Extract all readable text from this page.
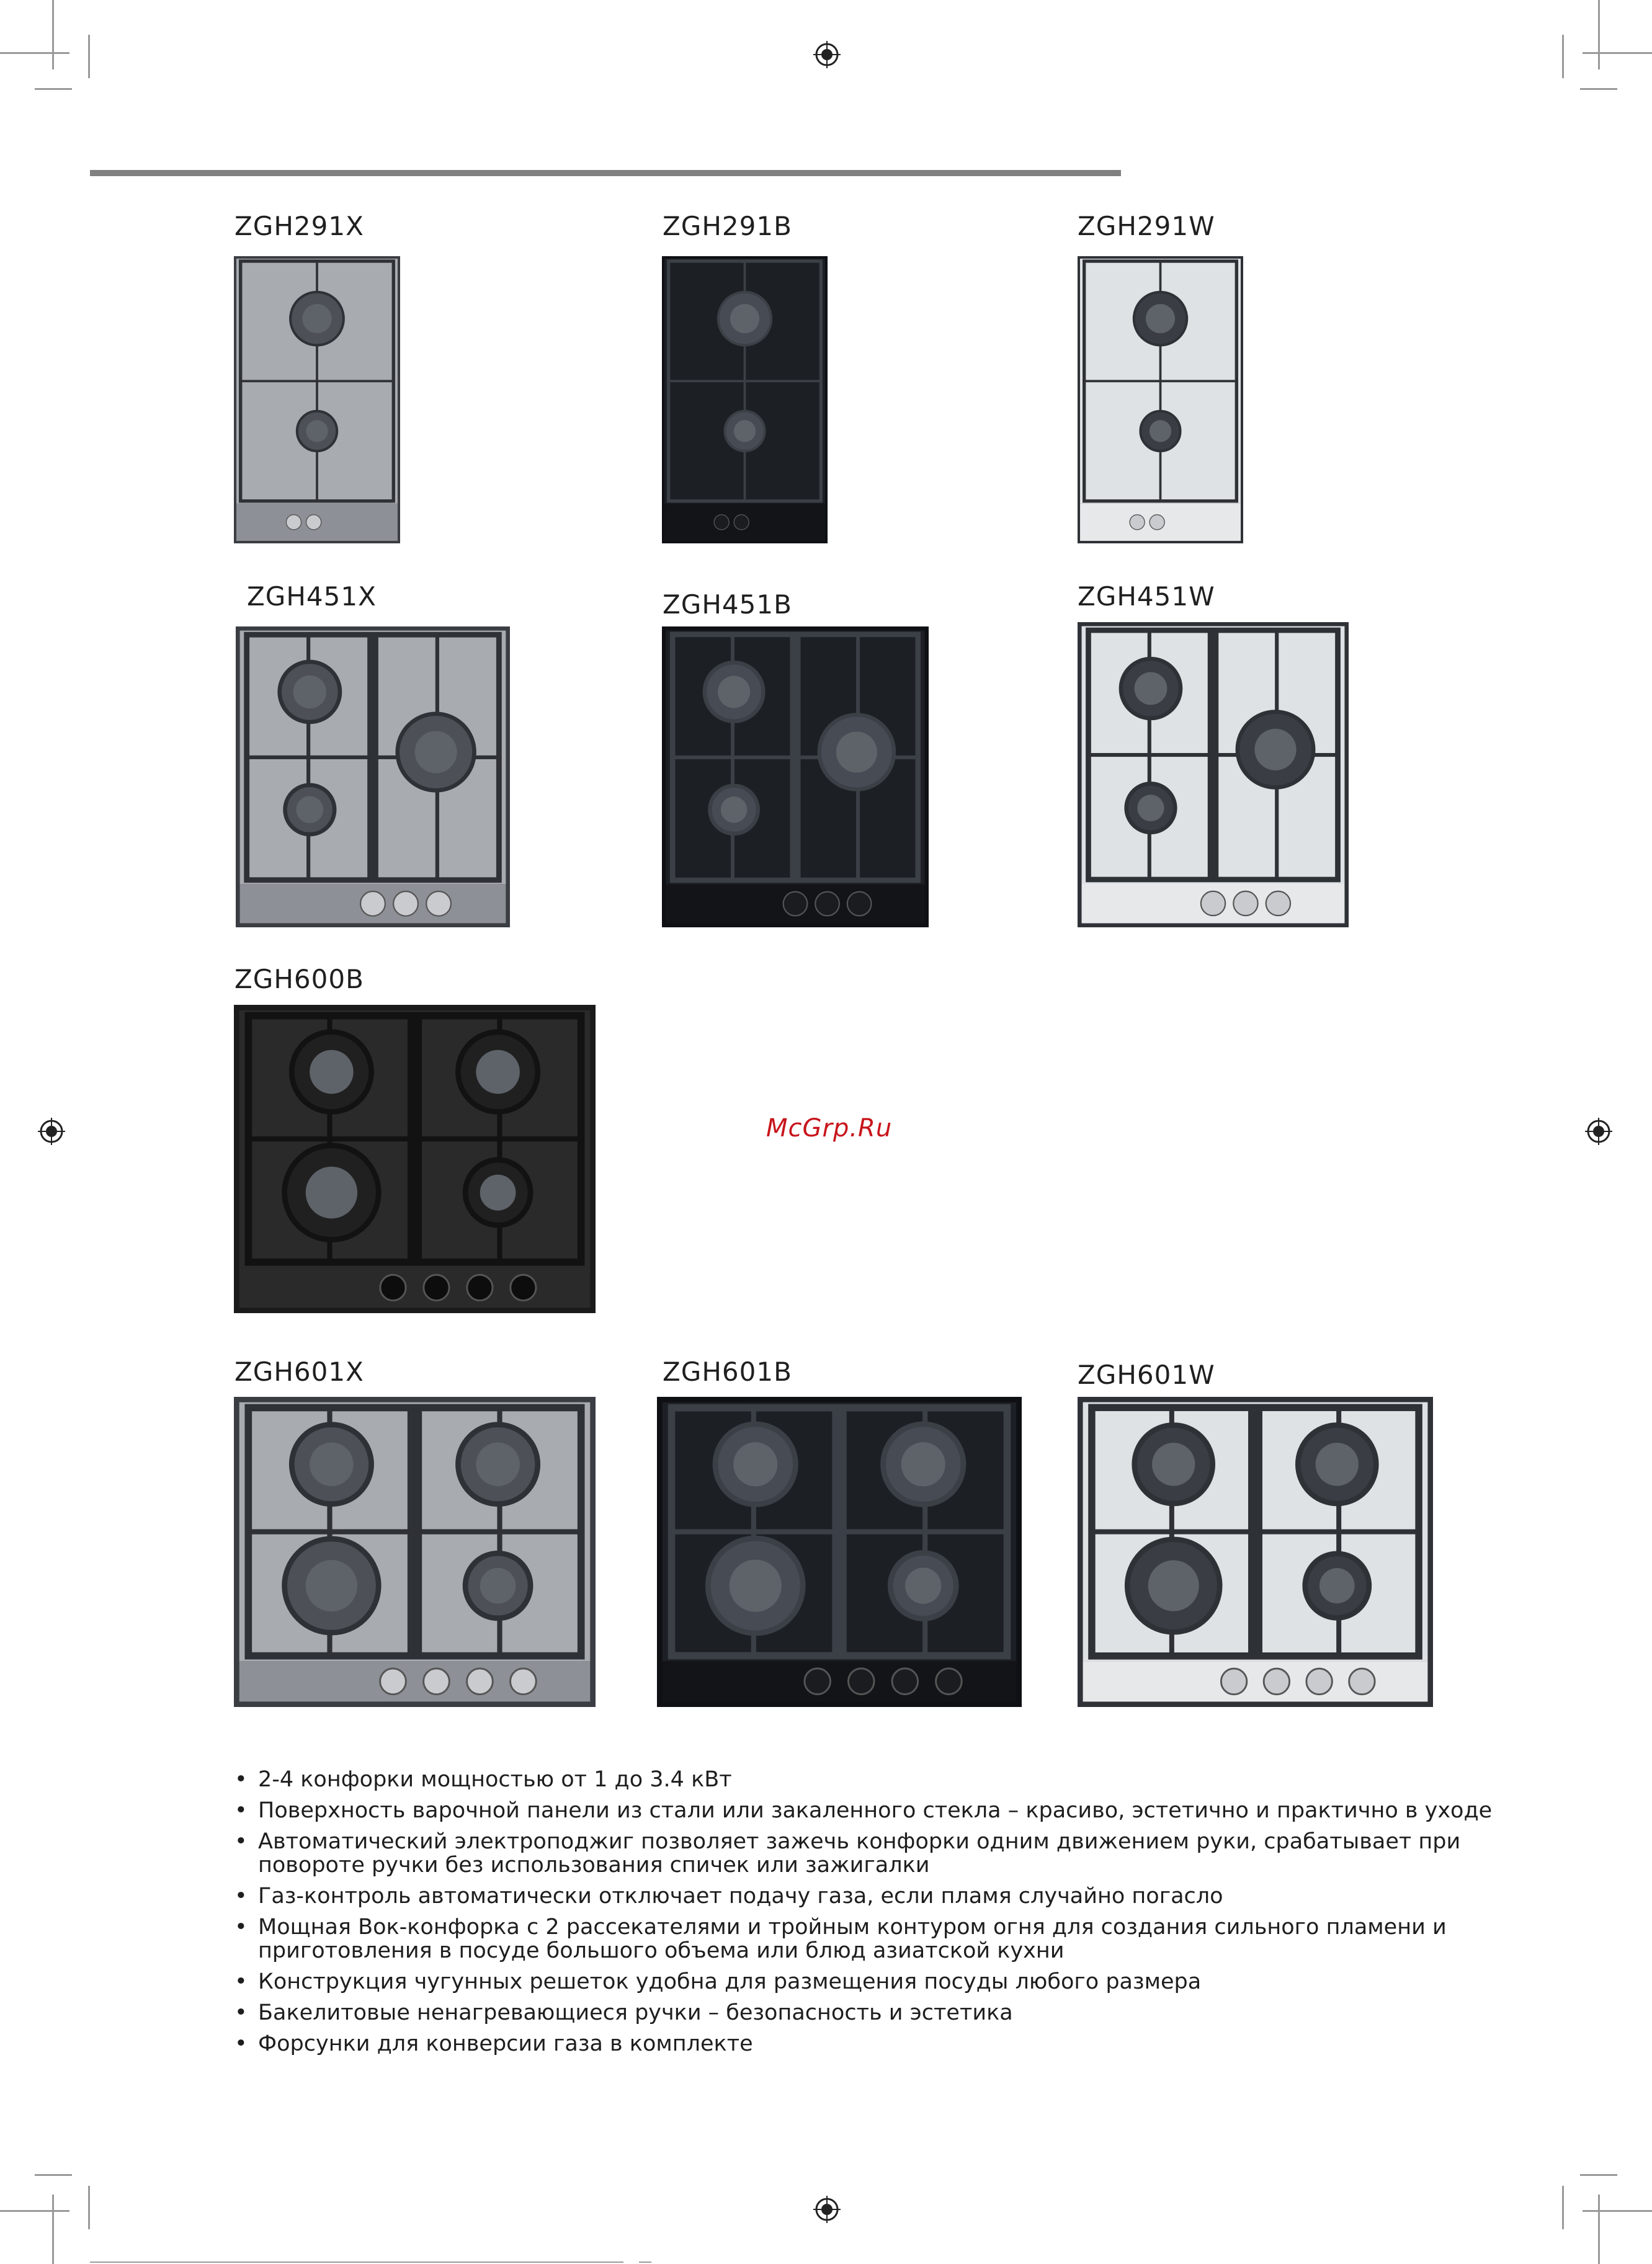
ZGH291X	ZGH291B	ZGH291W
ZGH451X	ZGH451B	ZGH451W
ZGH600B
ZGH601X	ZGH601B	ZGH601W
McGrp.Ru
• 2-4 конфорки мощностью от 1 до 3.4 кВт
• Поверхность варочной панели из стали или закаленного стекла – красиво, эстетично и практично в уходе
• Автоматический электроподжиг позволяет зажечь конфорки одним движением руки, срабатывает при повороте ручки без использования спичек или зажигалки
• Газ-контроль автоматически отключает подачу газа, если пламя случайно погасло
• Мощная Вок-конфорка с 2 рассекателями и тройным контуром огня для создания сильного пламени и приготовления в посуде большого объема или блюд азиатской кухни
• Конструкция чугунных решеток удобна для размещения посуды любого размера
• Бакелитовые ненагревающиеся ручки – безопасность и эстетика
• Форсунки для конверсии газа в комплекте
